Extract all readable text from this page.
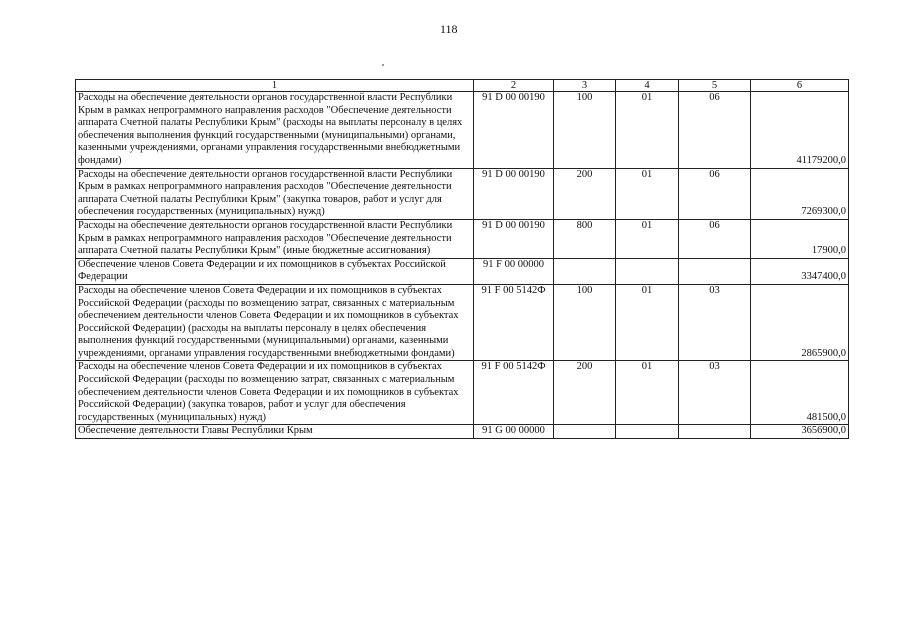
118
1	2	3	4	5	6
Расходы на обеспечение деятельности органов государственной власти Республики Крым в рамках непрограммного направления расходов "Обеспечение деятельности аппарата Счетной палаты Республики Крым" (расходы на выплаты персоналу в целях обеспечения выполнения функций государственными (муниципальными) органами, казенными учреждениями, органами управления государственными внебюджетными фондами)	91 D 00 00190	100	01	06	41179200,0
Расходы на обеспечение деятельности органов государственной власти Республики Крым в рамках непрограммного направления расходов "Обеспечение деятельности аппарата Счетной палаты Республики Крым" (закупка товаров, работ и услуг для обеспечения государственных (муниципальных) нужд)	91 D 00 00190	200	01	06	7269300,0
Расходы на обеспечение деятельности органов государственной власти Республики Крым в рамках непрограммного направления расходов "Обеспечение деятельности аппарата Счетной палаты Республики Крым" (иные бюджетные ассигнования)	91 D 00 00190	800	01	06	17900,0
Обеспечение членов Совета Федерации и их помощников в субъектах Российской Федерации	91 F 00 00000				3347400,0
Расходы на обеспечение членов Совета Федерации и их помощников в субъектах Российской Федерации (расходы по возмещению затрат, связанных с материальным обеспечением деятельности членов Совета Федерации и их помощников в субъектах Российской Федерации) (расходы на выплаты персоналу в целях обеспечения выполнения функций государственными (муниципальными) органами, казенными учреждениями, органами управления государственными внебюджетными фондами)	91 F 00 5142Ф	100	01	03	2865900,0
Расходы на обеспечение членов Совета Федерации и их помощников в субъектах Российской Федерации (расходы по возмещению затрат, связанных с материальным обеспечением деятельности членов Совета Федерации и их помощников в субъектах Российской Федерации) (закупка товаров, работ и услуг для обеспечения государственных (муниципальных) нужд)	91 F 00 5142Ф	200	01	03	481500,0
Обеспечение деятельности Главы Республики Крым	91 G 00 00000				3656900,0
